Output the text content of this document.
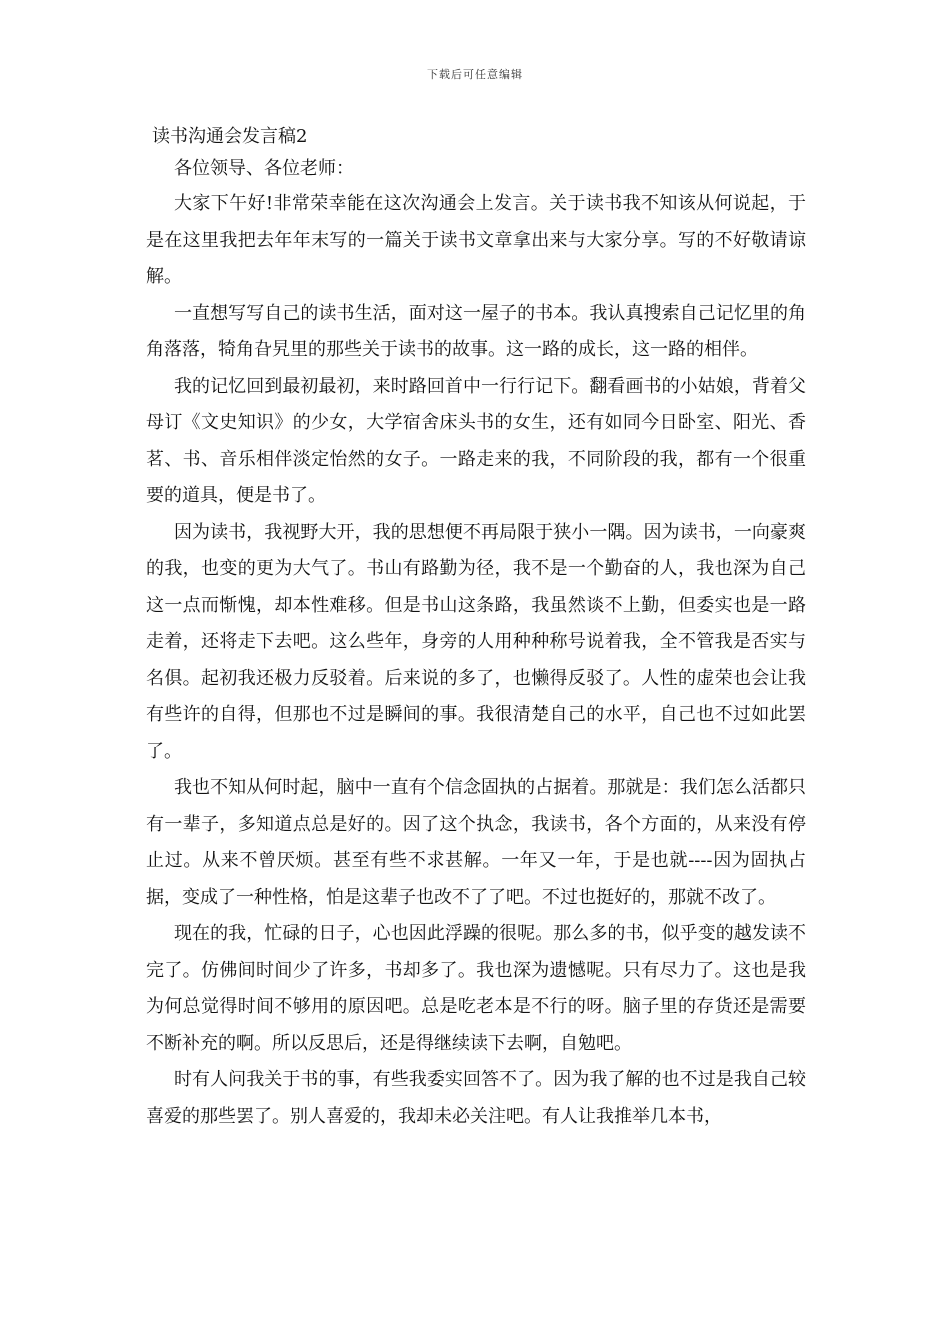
下载后可任意编辑
读书沟通会发言稿2

各位领导、各位老师：

大家下午好!非常荣幸能在这次沟通会上发言。关于读书我不知该从何说起，于是在这里我把去年年末写的一篇关于读书文章拿出来与大家分享。写的不好敬请谅解。

一直想写写自己的读书生活，面对这一屋子的书本。我认真搜索自己记忆里的角角落落，犄角旮旯里的那些关于读书的故事。这一路的成长，这一路的相伴。

我的记忆回到最初最初，来时路回首中一行行记下。翻看画书的小姑娘，背着父母订《文史知识》的少女，大学宿舍床头书的女生，还有如同今日卧室、阳光、香茗、书、音乐相伴淡定怡然的女子。一路走来的我，不同阶段的我，都有一个很重要的道具，便是书了。

因为读书，我视野大开，我的思想便不再局限于狭小一隅。因为读书，一向豪爽的我，也变的更为大气了。书山有路勤为径，我不是一个勤奋的人，我也深为自己这一点而惭愧，却本性难移。但是书山这条路，我虽然谈不上勤，但委实也是一路走着，还将走下去吧。这么些年，身旁的人用种种称号说着我，全不管我是否实与名俱。起初我还极力反驳着。后来说的多了，也懒得反驳了。人性的虚荣也会让我有些许的自得，但那也不过是瞬间的事。我很清楚自己的水平，自己也不过如此罢了。

我也不知从何时起，脑中一直有个信念固执的占据着。那就是：我们怎么活都只有一辈子，多知道点总是好的。因了这个执念，我读书，各个方面的，从来没有停止过。从来不曾厌烦。甚至有些不求甚解。一年又一年，于是也就----因为固执占据，变成了一种性格，怕是这辈子也改不了了吧。不过也挺好的，那就不改了。

现在的我，忙碌的日子，心也因此浮躁的很呢。那么多的书，似乎变的越发读不完了。仿佛间时间少了许多，书却多了。我也深为遗憾呢。只有尽力了。这也是我为何总觉得时间不够用的原因吧。总是吃老本是不行的呀。脑子里的存货还是需要不断补充的啊。所以反思后，还是得继续读下去啊，自勉吧。

时有人问我关于书的事，有些我委实回答不了。因为我了解的也不过是我自己较喜爱的那些罢了。别人喜爱的，我却未必关注吧。有人让我推举几本书，
